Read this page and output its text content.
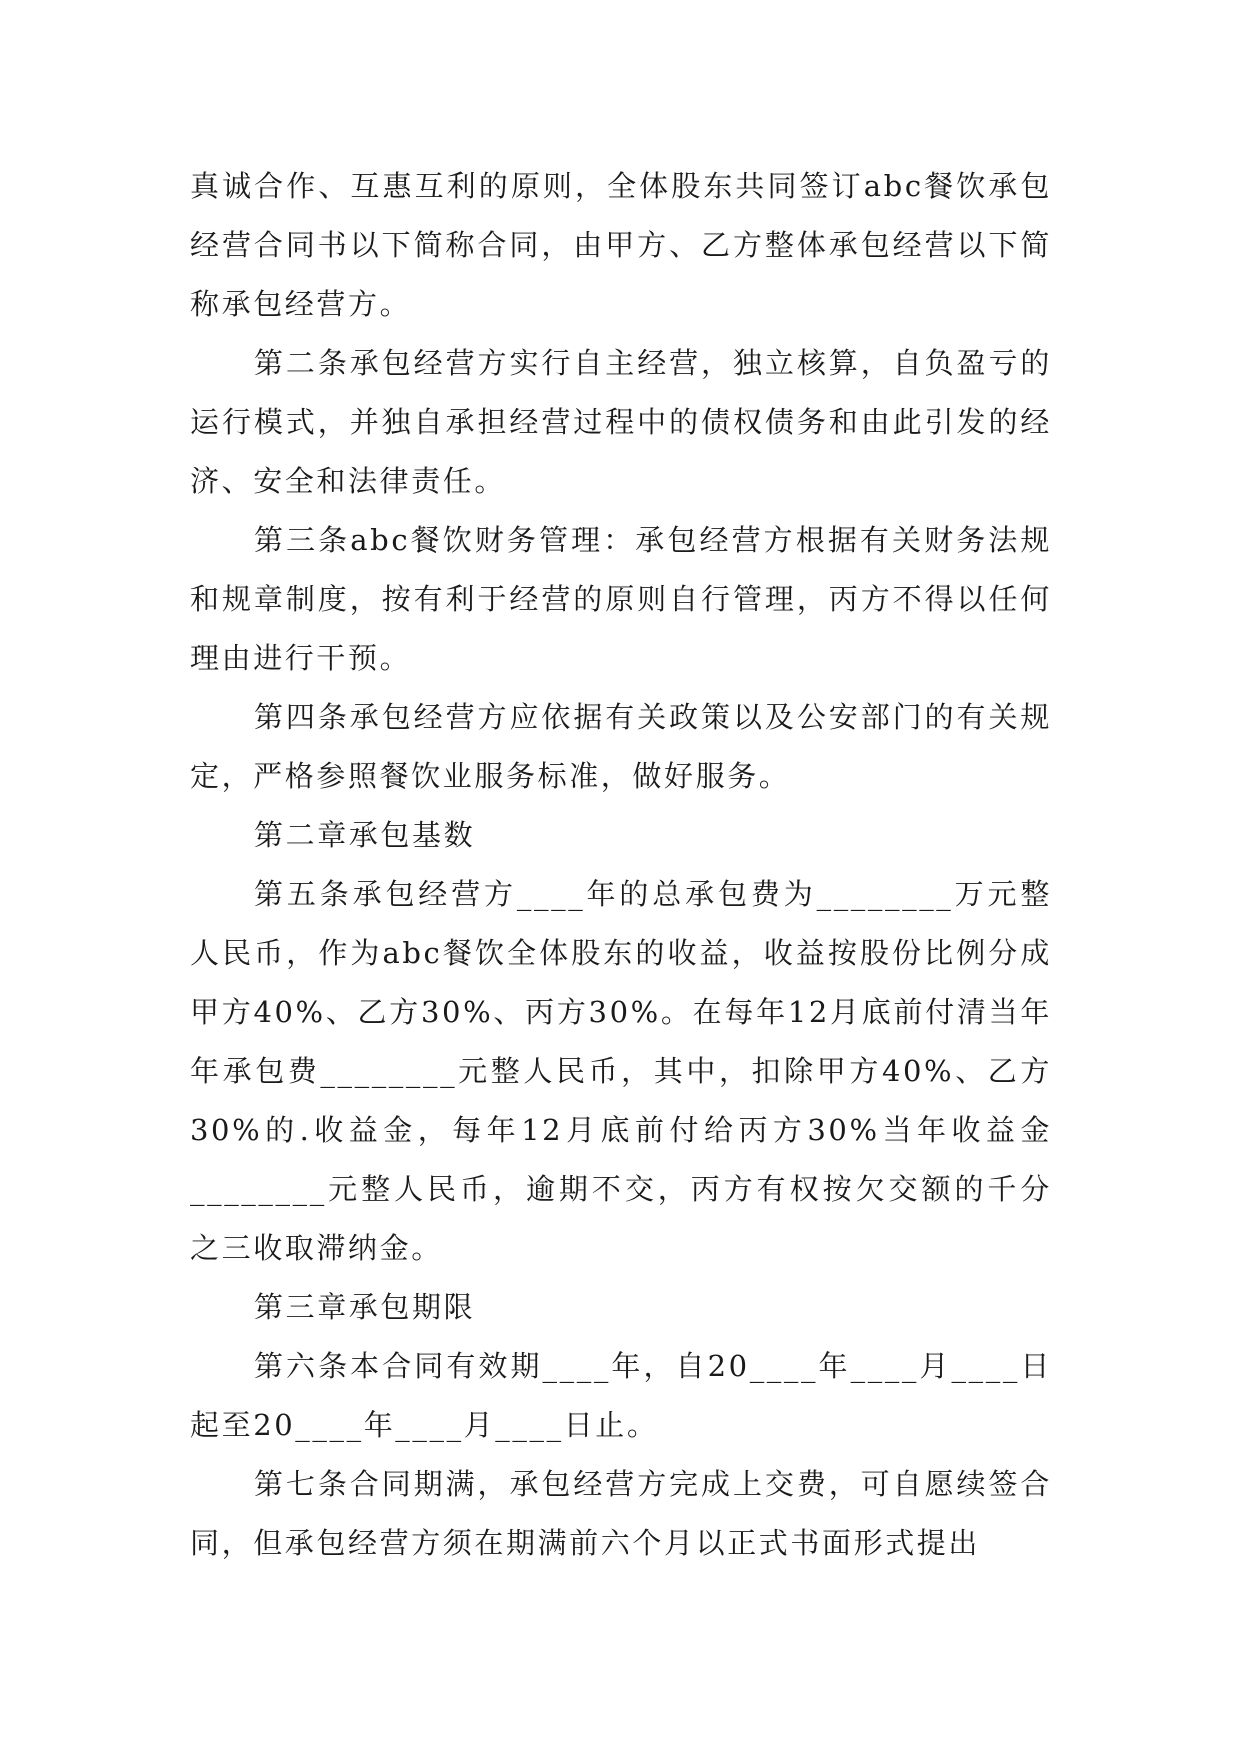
真诚合作、互惠互利的原则，全体股东共同签订abc餐饮承包经营合同书以下简称合同，由甲方、乙方整体承包经营以下简称承包经营方。

第二条承包经营方实行自主经营，独立核算，自负盈亏的运行模式，并独自承担经营过程中的债权债务和由此引发的经济、安全和法律责任。

第三条abc餐饮财务管理：承包经营方根据有关财务法规和规章制度，按有利于经营的原则自行管理，丙方不得以任何理由进行干预。

第四条承包经营方应依据有关政策以及公安部门的有关规定，严格参照餐饮业服务标准，做好服务。

第二章承包基数

第五条承包经营方____年的总承包费为________万元整人民币，作为abc餐饮全体股东的收益，收益按股份比例分成甲方40%、乙方30%、丙方30%。在每年12月底前付清当年年承包费________元整人民币，其中，扣除甲方40%、乙方30%的.收益金，每年12月底前付给丙方30%当年收益金________元整人民币，逾期不交，丙方有权按欠交额的千分之三收取滞纳金。

第三章承包期限

第六条本合同有效期____年，自20____年____月____日起至20____年____月____日止。

第七条合同期满，承包经营方完成上交费，可自愿续签合同，但承包经营方须在期满前六个月以正式书面形式提出
